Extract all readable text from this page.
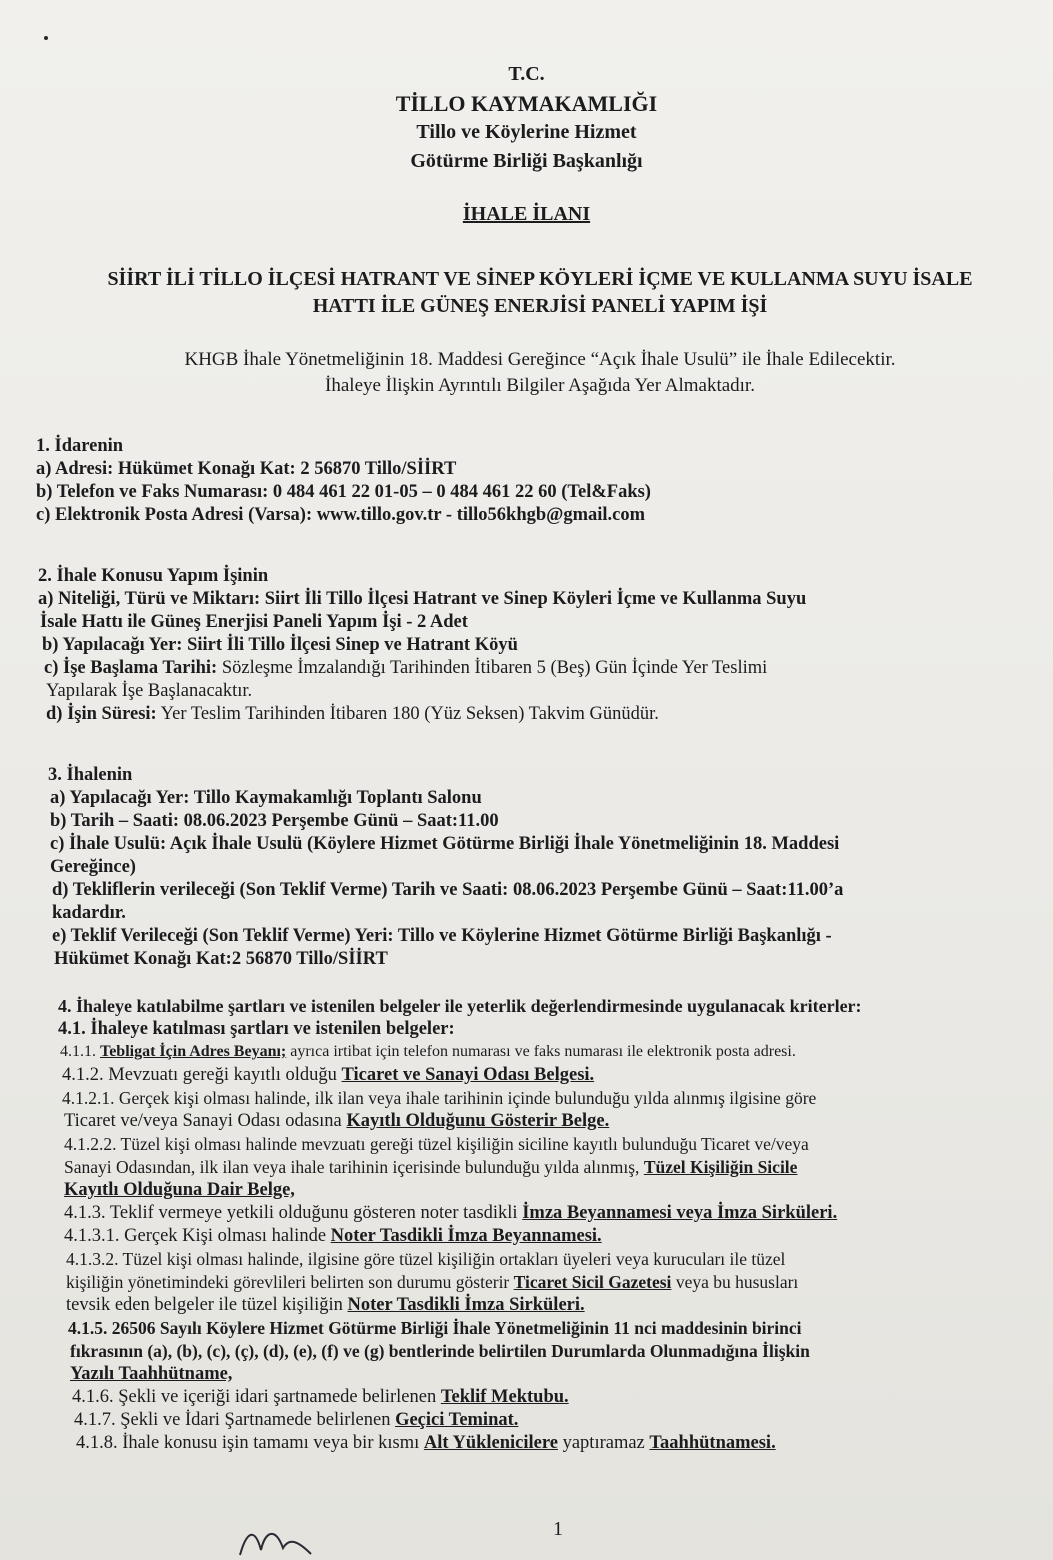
T.C.
TİLLO KAYMAKAMLIĞI
Tillo ve Köylerine Hizmet
Götürme Birliği Başkanlığı
İHALE İLANI
SİİRT İLİ TİLLO İLÇESİ HATRANT VE SİNEP KÖYLERİ İÇME VE KULLANMA SUYU İSALE
HATTI İLE GÜNEŞ ENERJİSİ PANELİ YAPIM İŞİ
KHGB İhale Yönetmeliğinin 18. Maddesi Gereğince “Açık İhale Usulü” ile İhale Edilecektir.
İhaleye İlişkin Ayrıntılı Bilgiler Aşağıda Yer Almaktadır.
1. İdarenin
a) Adresi: Hükümet Konağı Kat: 2 56870 Tillo/SİİRT
b) Telefon ve Faks Numarası: 0 484 461 22 01-05 – 0 484 461 22 60 (Tel&Faks)
c) Elektronik Posta Adresi (Varsa): www.tillo.gov.tr - tillo56khgb@gmail.com
2. İhale Konusu Yapım İşinin
a) Niteliği, Türü ve Miktarı: Siirt İli Tillo İlçesi Hatrant ve Sinep Köyleri İçme ve Kullanma Suyu
İsale Hattı ile Güneş Enerjisi Paneli Yapım İşi - 2 Adet
b) Yapılacağı Yer: Siirt İli Tillo İlçesi Sinep ve Hatrant Köyü
c) İşe Başlama Tarihi: Sözleşme İmzalandığı Tarihinden İtibaren 5 (Beş) Gün İçinde Yer Teslimi
Yapılarak İşe Başlanacaktır.
d) İşin Süresi: Yer Teslim Tarihinden İtibaren 180 (Yüz Seksen) Takvim Günüdür.
3. İhalenin
a) Yapılacağı Yer: Tillo Kaymakamlığı Toplantı Salonu
b) Tarih – Saati: 08.06.2023 Perşembe Günü – Saat:11.00
c) İhale Usulü: Açık İhale Usulü (Köylere Hizmet Götürme Birliği İhale Yönetmeliğinin 18. Maddesi
Gereğince)
d) Tekliflerin verileceği (Son Teklif Verme) Tarih ve Saati: 08.06.2023 Perşembe Günü – Saat:11.00’a
kadardır.
e) Teklif Verileceği (Son Teklif Verme) Yeri: Tillo ve Köylerine Hizmet Götürme Birliği Başkanlığı -
Hükümet Konağı Kat:2 56870 Tillo/SİİRT
4. İhaleye katılabilme şartları ve istenilen belgeler ile yeterlik değerlendirmesinde uygulanacak kriterler:
4.1. İhaleye katılması şartları ve istenilen belgeler:
4.1.1. Tebligat İçin Adres Beyanı; ayrıca irtibat için telefon numarası ve faks numarası ile elektronik posta adresi.
4.1.2. Mevzuatı gereği kayıtlı olduğu Ticaret ve Sanayi Odası Belgesi.
4.1.2.1. Gerçek kişi olması halinde, ilk ilan veya ihale tarihinin içinde bulunduğu yılda alınmış ilgisine göre
Ticaret ve/veya Sanayi Odası odasına Kayıtlı Olduğunu Gösterir Belge.
4.1.2.2. Tüzel kişi olması halinde mevzuatı gereği tüzel kişiliğin siciline kayıtlı bulunduğu Ticaret ve/veya
Sanayi Odasından, ilk ilan veya ihale tarihinin içerisinde bulunduğu yılda alınmış, Tüzel Kişiliğin Sicile
Kayıtlı Olduğuna Dair Belge,
4.1.3. Teklif vermeye yetkili olduğunu gösteren noter tasdikli İmza Beyannamesi veya İmza Sirküleri.
4.1.3.1. Gerçek Kişi olması halinde Noter Tasdikli İmza Beyannamesi.
4.1.3.2. Tüzel kişi olması halinde, ilgisine göre tüzel kişiliğin ortakları üyeleri veya kurucuları ile tüzel
kişiliğin yönetimindeki görevlileri belirten son durumu gösterir Ticaret Sicil Gazetesi veya bu hususları
tevsik eden belgeler ile tüzel kişiliğin Noter Tasdikli İmza Sirküleri.
4.1.5. 26506 Sayılı Köylere Hizmet Götürme Birliği İhale Yönetmeliğinin 11 nci maddesinin birinci
fıkrasının (a), (b), (c), (ç), (d), (e), (f) ve (g) bentlerinde belirtilen Durumlarda Olunmadığına İlişkin
Yazılı Taahhütname,
4.1.6. Şekli ve içeriği idari şartnamede belirlenen Teklif Mektubu.
4.1.7. Şekli ve İdari Şartnamede belirlenen Geçici Teminat.
4.1.8. İhale konusu işin tamamı veya bir kısmı Alt Yüklenicilere yaptıramaz Taahhütnamesi.
1
